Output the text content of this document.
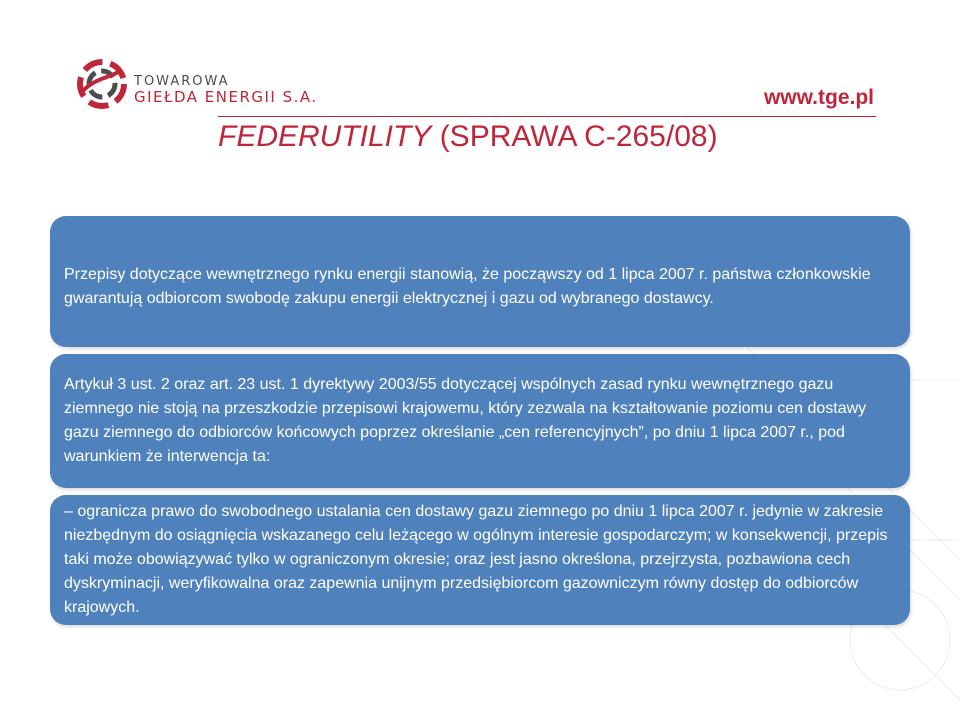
TOWAROWA
GIEŁDA ENERGII S.A.	www.tge.pl
FEDERUTILITY (SPRAWA C-265/08)

Przepisy dotyczące wewnętrznego rynku energii stanowią, że począwszy od 1 lipca 2007 r. państwa członkowskie gwarantują odbiorcom swobodę zakupu energii elektrycznej i gazu od wybranego dostawcy.

Artykuł 3 ust. 2 oraz art. 23 ust. 1 dyrektywy 2003/55 dotyczącej wspólnych zasad rynku wewnętrznego gazu ziemnego nie stoją na przeszkodzie przepisowi krajowemu, który zezwala na kształtowanie poziomu cen dostawy gazu ziemnego do odbiorców końcowych poprzez określanie „cen referencyjnych”, po dniu 1 lipca 2007 r., pod warunkiem że interwencja ta:

– ogranicza prawo do swobodnego ustalania cen dostawy gazu ziemnego po dniu 1 lipca 2007 r. jedynie w zakresie niezbędnym do osiągnięcia wskazanego celu leżącego w ogólnym interesie gospodarczym; w konsekwencji, przepis taki może obowiązywać tylko w ograniczonym okresie; oraz jest jasno określona, przejrzysta, pozbawiona cech dyskryminacji, weryfikowalna oraz zapewnia unijnym przedsiębiorcom gazowniczym równy dostęp do odbiorców krajowych.
